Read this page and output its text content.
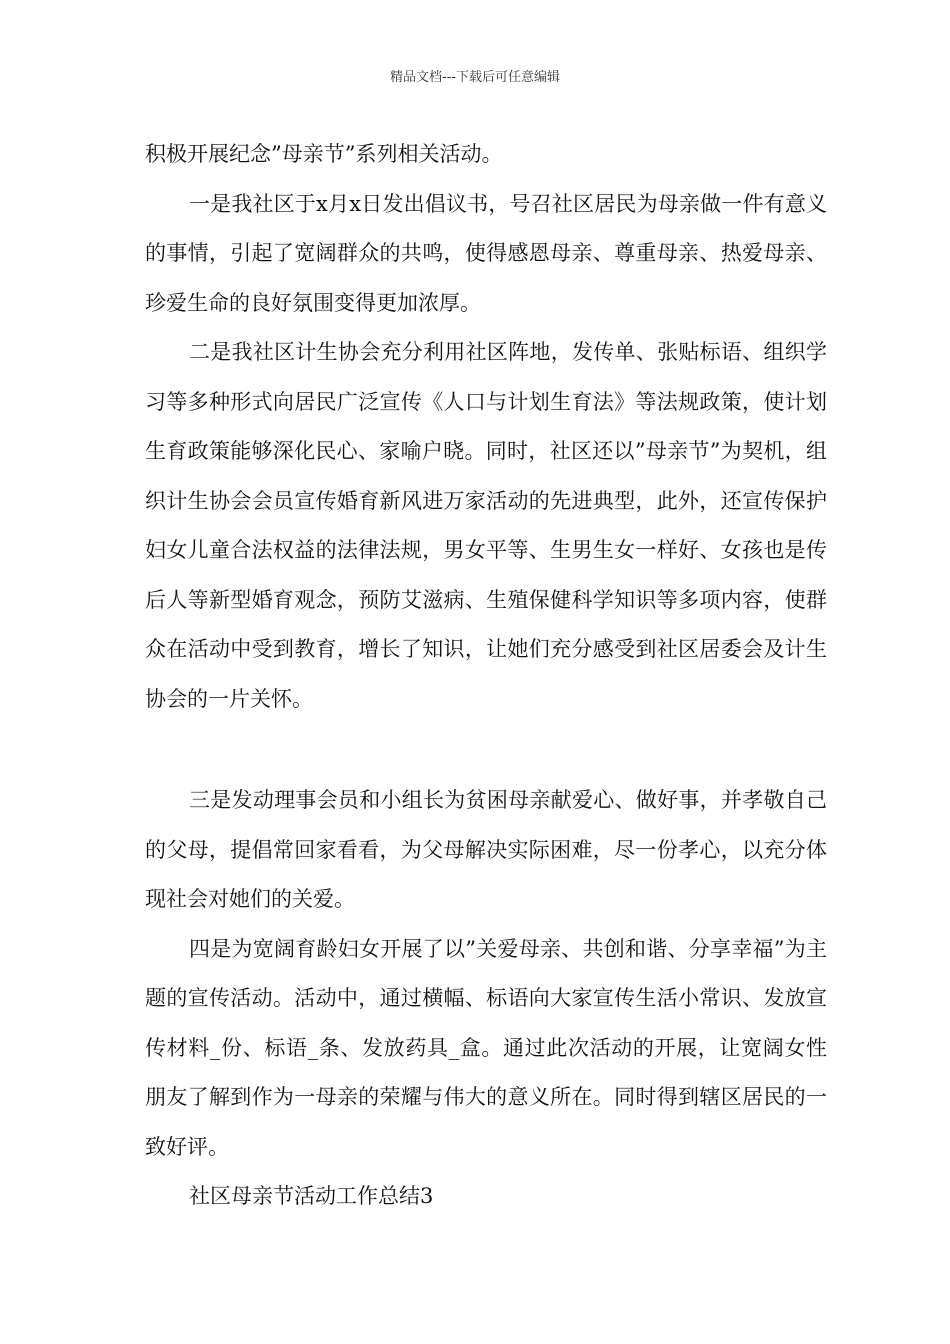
精品文档---下载后可任意编辑

积极开展纪念”母亲节”系列相关活动。

一是我社区于x月x日发出倡议书，号召社区居民为母亲做一件有意义的事情，引起了宽阔群众的共鸣，使得感恩母亲、尊重母亲、热爱母亲、珍爱生命的良好氛围变得更加浓厚。

二是我社区计生协会充分利用社区阵地，发传单、张贴标语、组织学习等多种形式向居民广泛宣传《人口与计划生育法》等法规政策，使计划生育政策能够深化民心、家喻户晓。同时，社区还以”母亲节”为契机，组织计生协会会员宣传婚育新风进万家活动的先进典型，此外，还宣传保护妇女儿童合法权益的法律法规，男女平等、生男生女一样好、女孩也是传后人等新型婚育观念，预防艾滋病、生殖保健科学知识等多项内容，使群众在活动中受到教育，增长了知识，让她们充分感受到社区居委会及计生协会的一片关怀。

三是发动理事会员和小组长为贫困母亲献爱心、做好事，并孝敬自己的父母，提倡常回家看看，为父母解决实际困难，尽一份孝心，以充分体现社会对她们的关爱。

四是为宽阔育龄妇女开展了以”关爱母亲、共创和谐、分享幸福”为主题的宣传活动。活动中，通过横幅、标语向大家宣传生活小常识、发放宣传材料_份、标语_条、发放药具_盒。通过此次活动的开展，让宽阔女性朋友了解到作为一母亲的荣耀与伟大的意义所在。同时得到辖区居民的一致好评。

社区母亲节活动工作总结3
